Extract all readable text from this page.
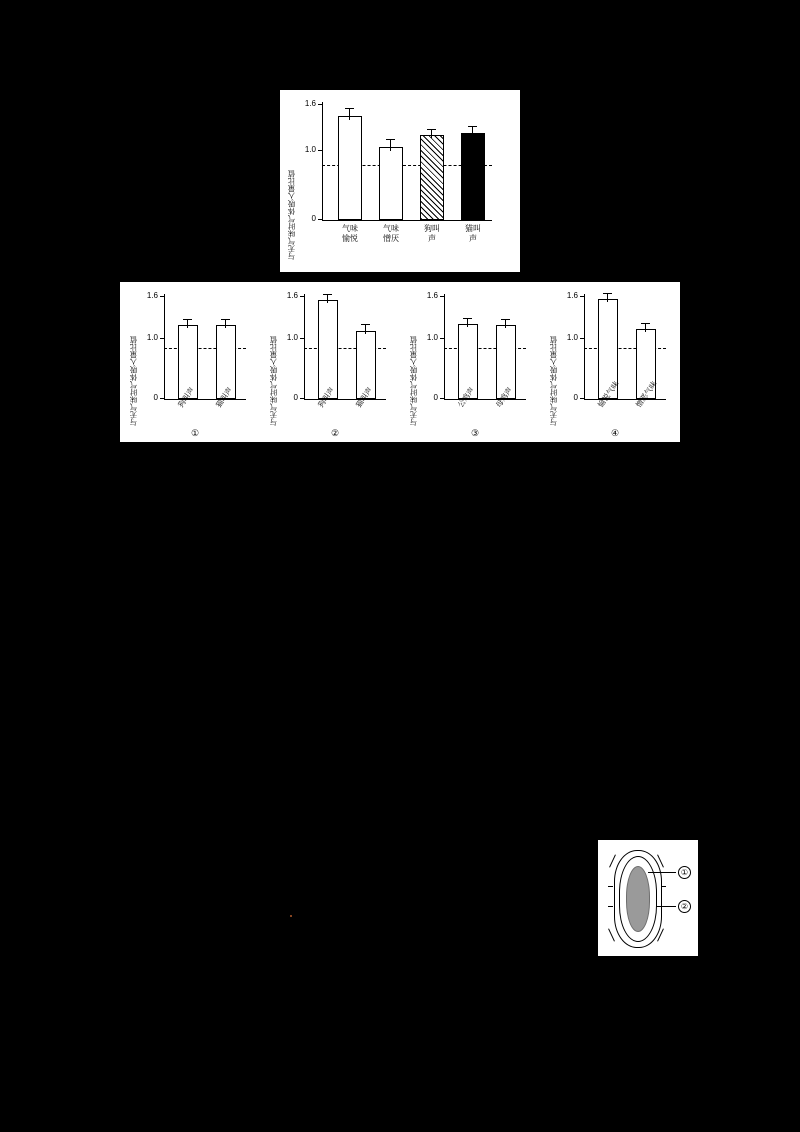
与无气味时气体吸入量比值
1.6
1.0
0
气味愉悦
气味憎厌
狗叫声
猫叫声
与无气味时气体吸入量比值
1.6
1.0
0 狗叫声 猫叫声
①
与无气味时气体吸入量比值
1.6
1.0
0 狗叫声 猫叫声
②
与无气味时气体吸入量比值
1.6
1.0
0 公鸡声 母鸡声
③
与无气味时气体吸入量比值
1.6
1.0
0 愉悦气味 憎恶气味
④
①
②
